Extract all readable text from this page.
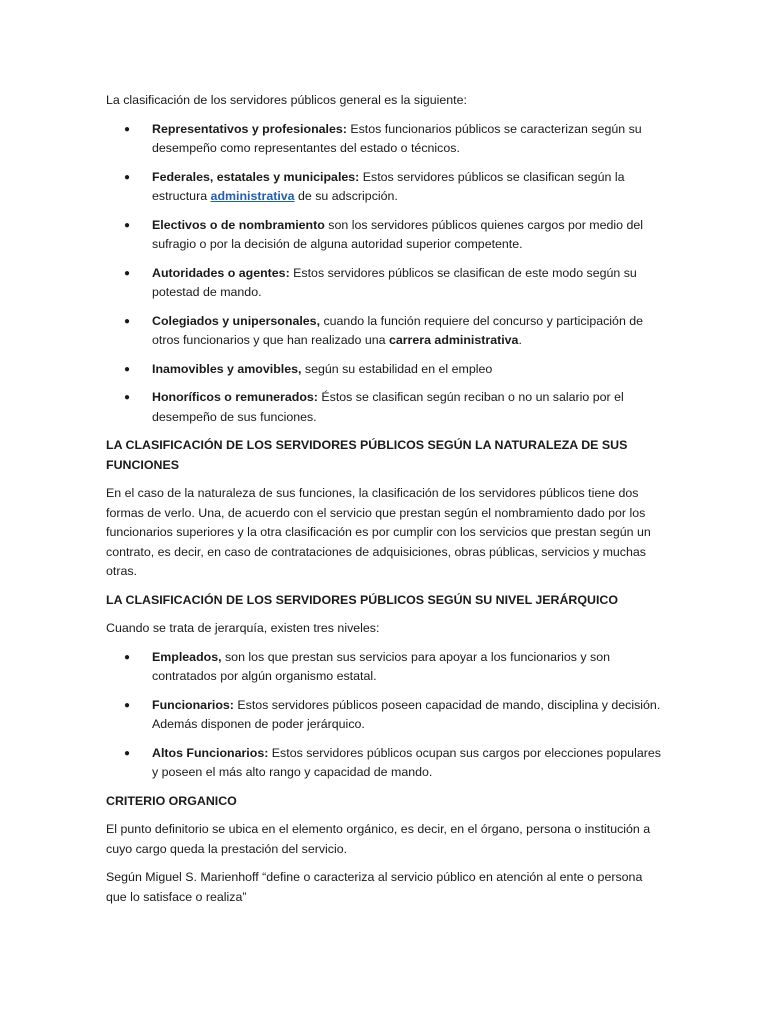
La clasificación de los servidores públicos general es la siguiente:

● Representativos y profesionales: Estos funcionarios públicos se caracterizan según su desempeño como representantes del estado o técnicos.
● Federales, estatales y municipales: Estos servidores públicos se clasifican según la estructura administrativa de su adscripción.
● Electivos o de nombramiento son los servidores públicos quienes cargos por medio del sufragio o por la decisión de alguna autoridad superior competente.
● Autoridades o agentes: Estos servidores públicos se clasifican de este modo según su potestad de mando.
● Colegiados y unipersonales, cuando la función requiere del concurso y participación de otros funcionarios y que han realizado una carrera administrativa.
● Inamovibles y amovibles, según su estabilidad en el empleo
● Honoríficos o remunerados: Éstos se clasifican según reciban o no un salario por el desempeño de sus funciones.

LA CLASIFICACIÓN DE LOS SERVIDORES PÚBLICOS SEGÚN LA NATURALEZA DE SUS FUNCIONES

En el caso de la naturaleza de sus funciones, la clasificación de los servidores públicos tiene dos formas de verlo. Una, de acuerdo con el servicio que prestan según el nombramiento dado por los funcionarios superiores y la otra clasificación es por cumplir con los servicios que prestan según un contrato, es decir, en caso de contrataciones de adquisiciones, obras públicas, servicios y muchas otras.

LA CLASIFICACIÓN DE LOS SERVIDORES PÚBLICOS SEGÚN SU NIVEL JERÁRQUICO

Cuando se trata de jerarquía, existen tres niveles:

● Empleados, son los que prestan sus servicios para apoyar a los funcionarios y son contratados por algún organismo estatal.
● Funcionarios: Estos servidores públicos poseen capacidad de mando, disciplina y decisión. Además disponen de poder jerárquico.
● Altos Funcionarios: Estos servidores públicos ocupan sus cargos por elecciones populares y poseen el más alto rango y capacidad de mando.

CRITERIO ORGANICO

El punto definitorio se ubica en el elemento orgánico, es decir, en el órgano, persona o institución a cuyo cargo queda la prestación del servicio.

Según Miguel S. Marienhoff “define o caracteriza al servicio público en atención al ente o persona que lo satisface o realiza”
